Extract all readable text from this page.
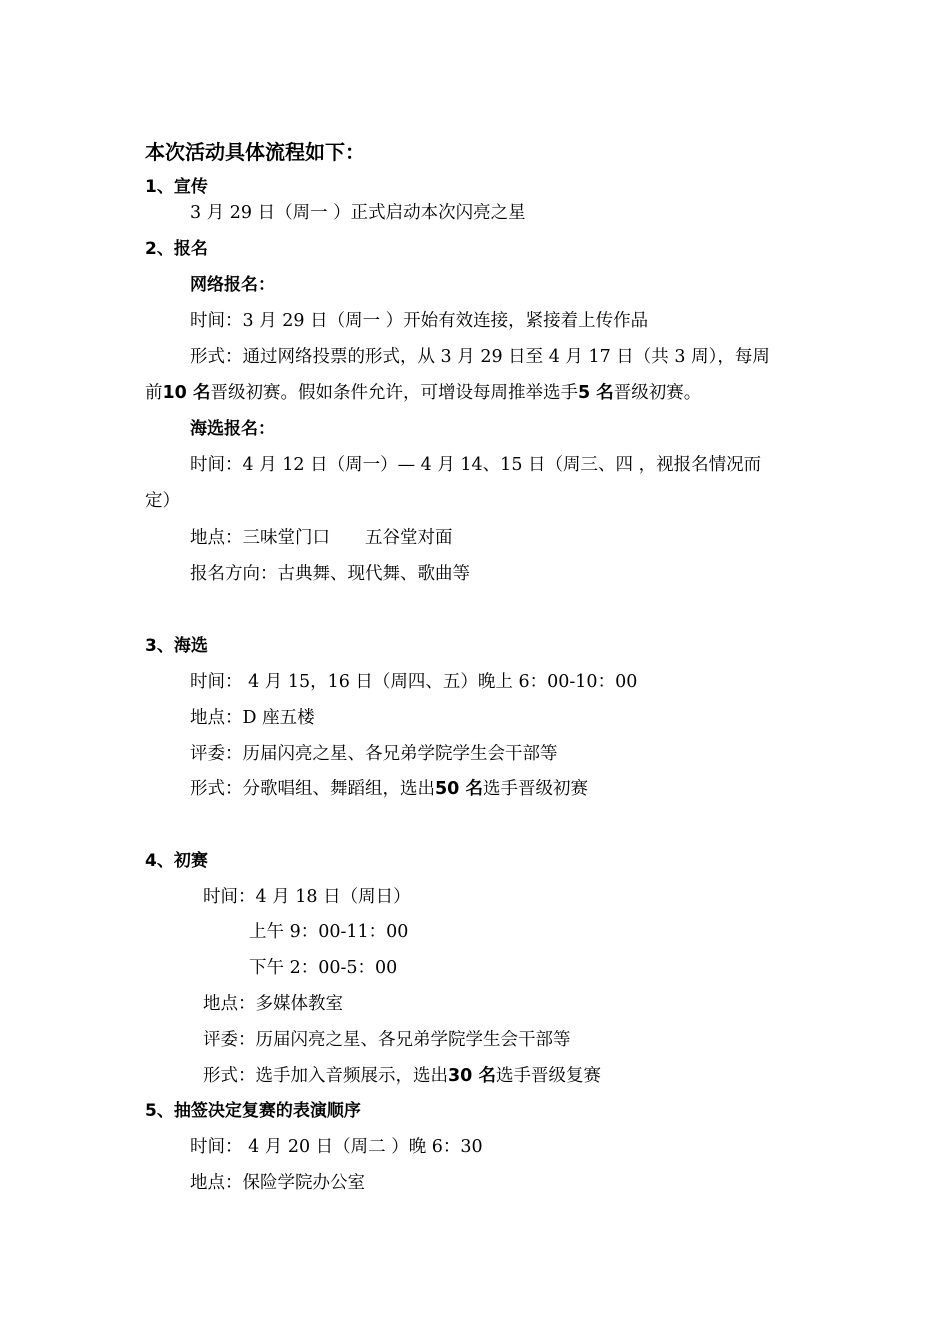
本次活动具体流程如下：
1、宣传
3 月 29 日（周一 ）正式启动本次闪亮之星
2、报名
网络报名：
时间：3 月 29 日（周一 ）开始有效连接，紧接着上传作品
形式：通过网络投票的形式，从 3 月 29 日至 4 月 17 日（共 3 周），每周
前10 名晋级初赛。假如条件允许，可增设每周推举选手5 名晋级初赛。
海选报名：
时间：4 月 12 日（周一）— 4 月 14、15 日（周三、四 ，视报名情况而
定）
地点：三味堂门口　　五谷堂对面
报名方向：古典舞、现代舞、歌曲等
3、海选
时间： 4 月 15，16 日（周四、五）晚上 6：00-10：00
地点：D 座五楼
评委：历届闪亮之星、各兄弟学院学生会干部等
形式：分歌唱组、舞蹈组，选出50 名选手晋级初赛
4、初赛
时间：4 月 18 日（周日）
上午 9：00-11：00
下午 2：00-5：00
地点：多媒体教室
评委：历届闪亮之星、各兄弟学院学生会干部等
形式：选手加入音频展示，选出30 名选手晋级复赛
5、抽签决定复赛的表演顺序
时间： 4 月 20 日（周二 ）晚 6：30
地点：保险学院办公室
